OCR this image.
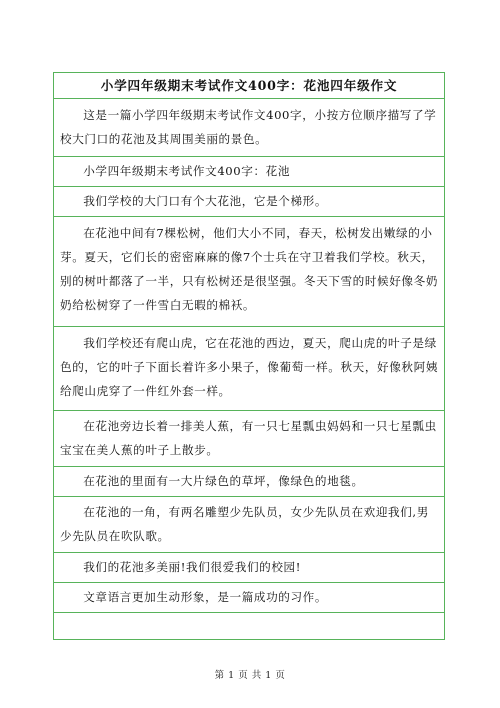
小学四年级期末考试作文400字：花池四年级作文

这是一篇小学四年级期末考试作文400字，小按方位顺序描写了学校大门口的花池及其周围美丽的景色。

小学四年级期末考试作文400字：花池

我们学校的大门口有个大花池，它是个梯形。

在花池中间有7棵松树，他们大小不同，春天，松树发出嫩绿的小芽。夏天，它们长的密密麻麻的像7个士兵在守卫着我们学校。秋天，别的树叶都落了一半，只有松树还是很坚强。冬天下雪的时候好像冬奶奶给松树穿了一件雪白无暇的棉袄。

我们学校还有爬山虎，它在花池的西边，夏天，爬山虎的叶子是绿色的，它的叶子下面长着许多小果子，像葡萄一样。秋天，好像秋阿姨给爬山虎穿了一件红外套一样。

在花池旁边长着一排美人蕉，有一只七星瓢虫妈妈和一只七星瓢虫宝宝在美人蕉的叶子上散步。

在花池的里面有一大片绿色的草坪，像绿色的地毯。

在花池的一角，有两名雕塑少先队员，女少先队员在欢迎我们,男少先队员在吹队歌。

我们的花池多美丽!我们很爱我们的校园!

文章语言更加生动形象，是一篇成功的习作。

第 1 页 共 1 页
